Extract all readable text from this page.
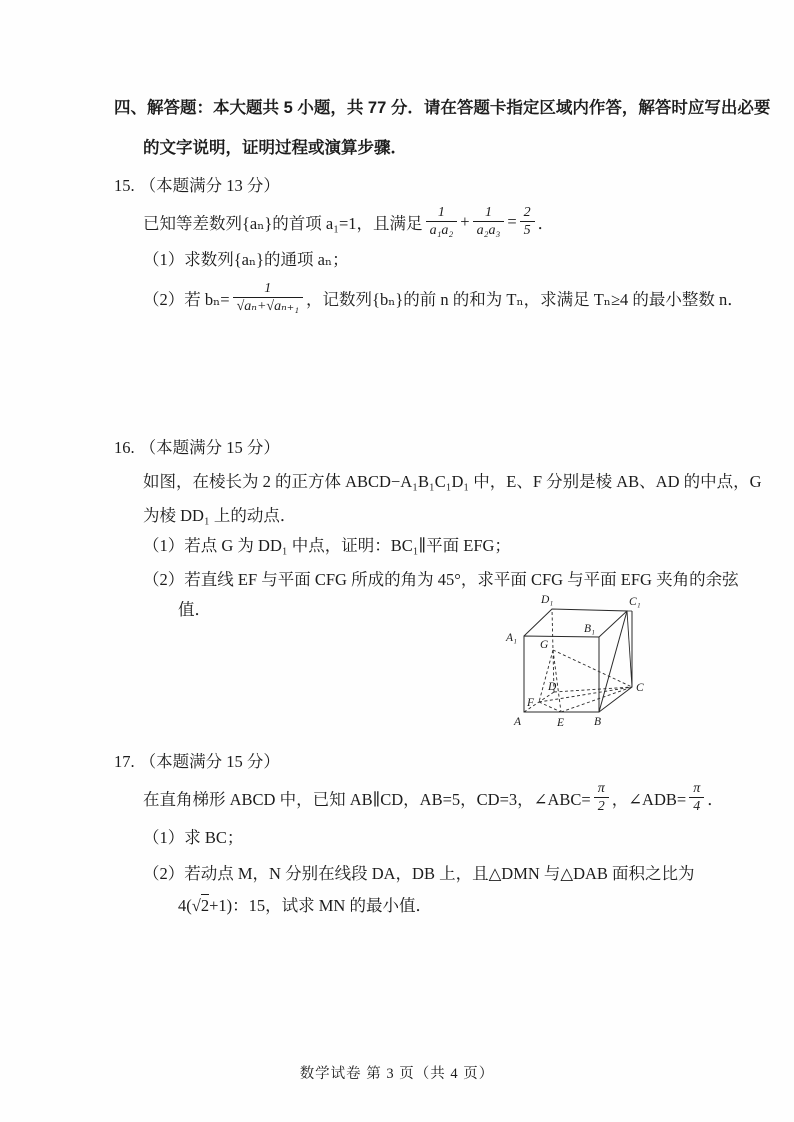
四、解答题：本大题共 5 小题，共 77 分．请在答题卡指定区域内作答，解答时应写出必要
的文字说明，证明过程或演算步骤．
15. （本题满分 13 分）
已知等差数列{aₙ}的首项 a₁=1，且满足 $\frac{1}{\text{a₁a₂}} + \frac{1}{\text{a₂a₃}} = \frac{2}{5}$ ．
（1）求数列{aₙ}的通项 aₙ；
（2）若 $b_n= \frac{1}{\text{√aₙ+√aₙ₊₁}}$ ，记数列{bₙ}的前 n 的和为 Tₙ，求满足 Tₙ≥4 的最小整数 n．
16. （本题满分 15 分）
如图，在棱长为 2 的正方体 ABCD−A₁B₁C₁D₁ 中，E、F 分别是棱 AB、AD 的中点，G
为棱 DD₁ 上的动点．
（1）若点 G 为 DD₁ 中点，证明：BC₁∥平面 EFG；
（2）若直线 EF 与平面 CFG 所成的角为 45°，求平面 CFG 与平面 EFG 夹角的余弦
值．
A	E	B
C
D
F
G
A₁
B₁
C₁
D₁
17. （本题满分 15 分）
在直角梯形 ABCD 中，已知 AB∥CD，AB=5，CD=3，∠ABC= $\frac{\pi}{2}$ ，∠ADB= $\frac{\pi}{4}$ ．
（1）求 BC；
（2）若动点 M，N 分别在线段 DA，DB 上，且△DMN 与△DAB 面积之比为
4(√2+1)：15，试求 MN 的最小值．
数学试卷 第 3 页（共 4 页）
